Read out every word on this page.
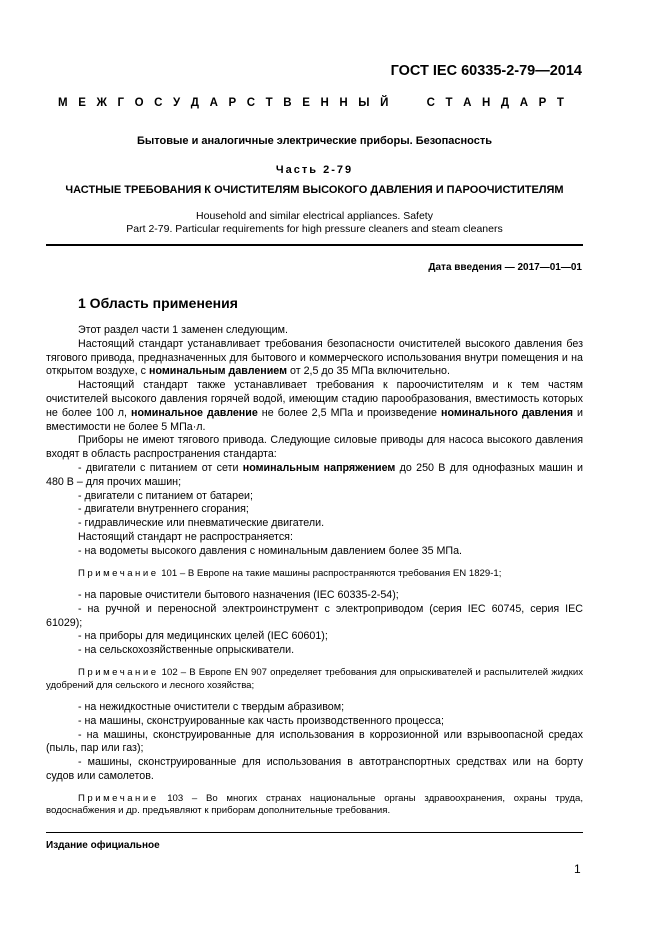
ГОСТ IEC 60335-2-79—2014
М Е Ж Г О С У Д А Р С Т В Е Н Н Ы Й

	С Т А Н Д А Р Т
Бытовые и аналогичные электрические приборы. Безопасность
Часть 2-79
ЧАСТНЫЕ ТРЕБОВАНИЯ К ОЧИСТИТЕЛЯМ ВЫСОКОГО ДАВЛЕНИЯ И ПАРООЧИСТИТЕЛЯМ
Household and similar electrical appliances. Safety
Part 2-79. Particular requirements for high pressure cleaners and steam cleaners
Дата введения — 2017—01—01
1 Область применения

Этот раздел части 1 заменен следующим.

Настоящий стандарт устанавливает требования безопасности очистителей высокого давления без тягового привода, предназначенных для бытового и коммерческого использования внутри помещения и на открытом воздухе, с номинальным давлением от 2,5 до 35 МПа включительно.

Настоящий стандарт также устанавливает требования к пароочистителям и к тем частям очистителей высокого давления горячей водой, имеющим стадию парообразования, вместимость которых не более 100 л, номинальное давление не более 2,5 МПа и произведение номинального давления и вместимости не более 5 МПа·л.

Приборы не имеют тягового привода. Следующие силовые приводы для насоса высокого давления входят в область распространения стандарта:

- двигатели с питанием от сети номинальным напряжением до 250 В для однофазных машин и 480 В – для прочих машин;

- двигатели с питанием от батареи;

- двигатели внутреннего сгорания;

- гидравлические или пневматические двигатели.

Настоящий стандарт не распространяется:

- на водометы высокого давления с номинальным давлением более 35 МПа.

Примечание 101 – В Европе на такие машины распространяются требования EN 1829-1;

- на паровые очистители бытового назначения (IEC 60335-2-54);

- на ручной и переносной электроинструмент с электроприводом (серия IEC 60745, серия IEC 61029);

- на приборы для медицинских целей (IEC 60601);

- на сельскохозяйственные опрыскиватели.

Примечание 102 – В Европе EN 907 определяет требования для опрыскивателей и распылителей жидких удобрений для сельского и лесного хозяйства;

- на нежидкостные очистители с твердым абразивом;

- на машины, сконструированные как часть производственного процесса;

- на машины, сконструированные для использования в коррозионной или взрывоопасной средах (пыль, пар или газ);

- машины, сконструированные для использования в автотранспортных средствах или на борту судов или самолетов.

Примечание 103 – Во многих странах национальные органы здравоохранения, охраны труда, водоснабжения и др. предъявляют к приборам дополнительные требования.

Издание официальное
1
